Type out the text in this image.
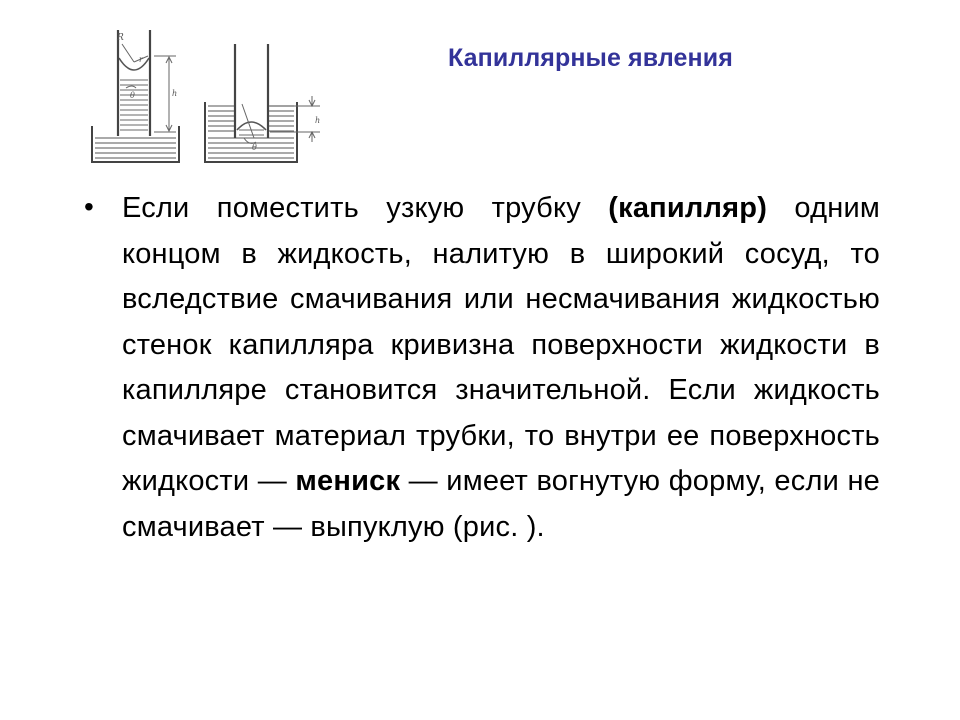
R
r
θ	h
h
θ
Капиллярные явления
• Если поместить узкую трубку (капилляр) одним концом в жидкость, налитую в широкий сосуд, то вследствие смачивания или несмачивания жидкостью стенок капилляра кривизна поверхности жидкости в капилляре становится значительной. Если жидкость смачивает материал трубки, то внутри ее поверхность жидкости — мениск — имеет вогнутую форму, если не смачивает — выпуклую (рис. ).
